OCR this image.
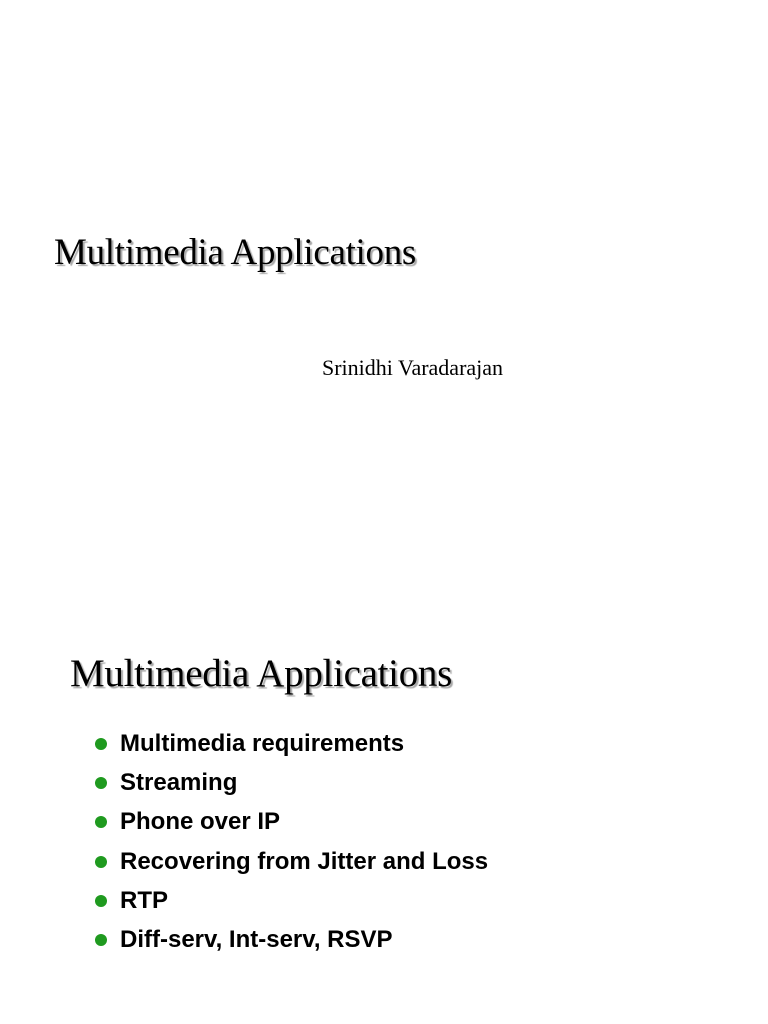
Multimedia Applications
Srinidhi Varadarajan
Multimedia Applications
Multimedia requirements
Streaming
Phone over IP
Recovering from Jitter and Loss
RTP
Diff-serv, Int-serv, RSVP
